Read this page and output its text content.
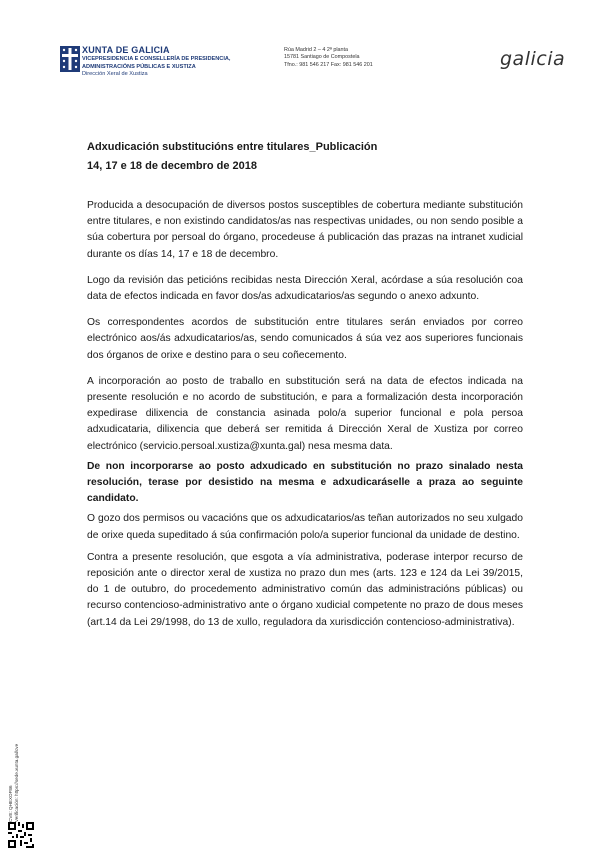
XUNTA DE GALICIA
VICEPRESIDENCIA E CONSELLERÍA DE PRESIDENCIA,
ADMINISTRACIÓNS PÚBLICAS E XUSTIZA
Dirección Xeral de Xustiza
Rúa Madrid 2 – 4 2ª planta
15781 Santiago de Compostela
Tfno.: 981 546 217 Fax: 981 546 201	galicia

Adxudicación substitucións entre titulares_Publicación

14, 17 e 18 de decembro de 2018

Producida a desocupación de diversos postos susceptibles de cobertura mediante substitución entre titulares, e non existindo candidatos/as nas respectivas unidades, ou non sendo posible a súa cobertura por persoal do órgano, procedeuse á publicación das prazas na intranet xudicial durante os días 14, 17 e 18 de decembro.

Logo da revisión das peticións recibidas nesta Dirección Xeral, acórdase a súa resolución coa data de efectos indicada en favor dos/as adxudicatarios/as segundo o anexo adxunto.

Os correspondentes acordos de substitución entre titulares serán enviados por correo electrónico aos/ás adxudicatarios/as, sendo comunicados á súa vez aos superiores funcionais dos órganos de orixe e destino para o seu coñecemento.

A incorporación ao posto de traballo en substitución será na data de efectos indicada na presente resolución e no acordo de substitución, e para a formalización desta incorporación expedirase dilixencia de constancia asinada polo/a superior funcional e pola persoa adxudicataria, dilixencia que deberá ser remitida á Dirección Xeral de Xustiza por correo electrónico (servicio.persoal.xustiza@xunta.gal) nesa mesma data.

De non incorporarse ao posto adxudicado en substitución no prazo sinalado nesta resolución, terase por desistido na mesma e adxudicaráselle a praza ao seguinte candidato.

O gozo dos permisos ou vacacións que os adxudicatarios/as teñan autorizados no seu xulgado de orixe queda supeditado á súa confirmación polo/a superior funcional da unidade de destino.

Contra a presente resolución, que esgota a vía administrativa, poderase interpor recurso de reposición ante o director xeral de xustiza no prazo dun mes (arts. 123 e 124 da Lei 39/2015, do 1 de outubro, do procedemento administrativo común das administracións públicas) ou recurso contencioso-administrativo ante o órgano xudicial competente no prazo de dous meses (art.14 da Lei 29/1998, do 13 de xullo, reguladora da xurisdicción contencioso-administrativa).

CVE: QHEXOF86 Verificación: https://sede.xunta.gal/cve
